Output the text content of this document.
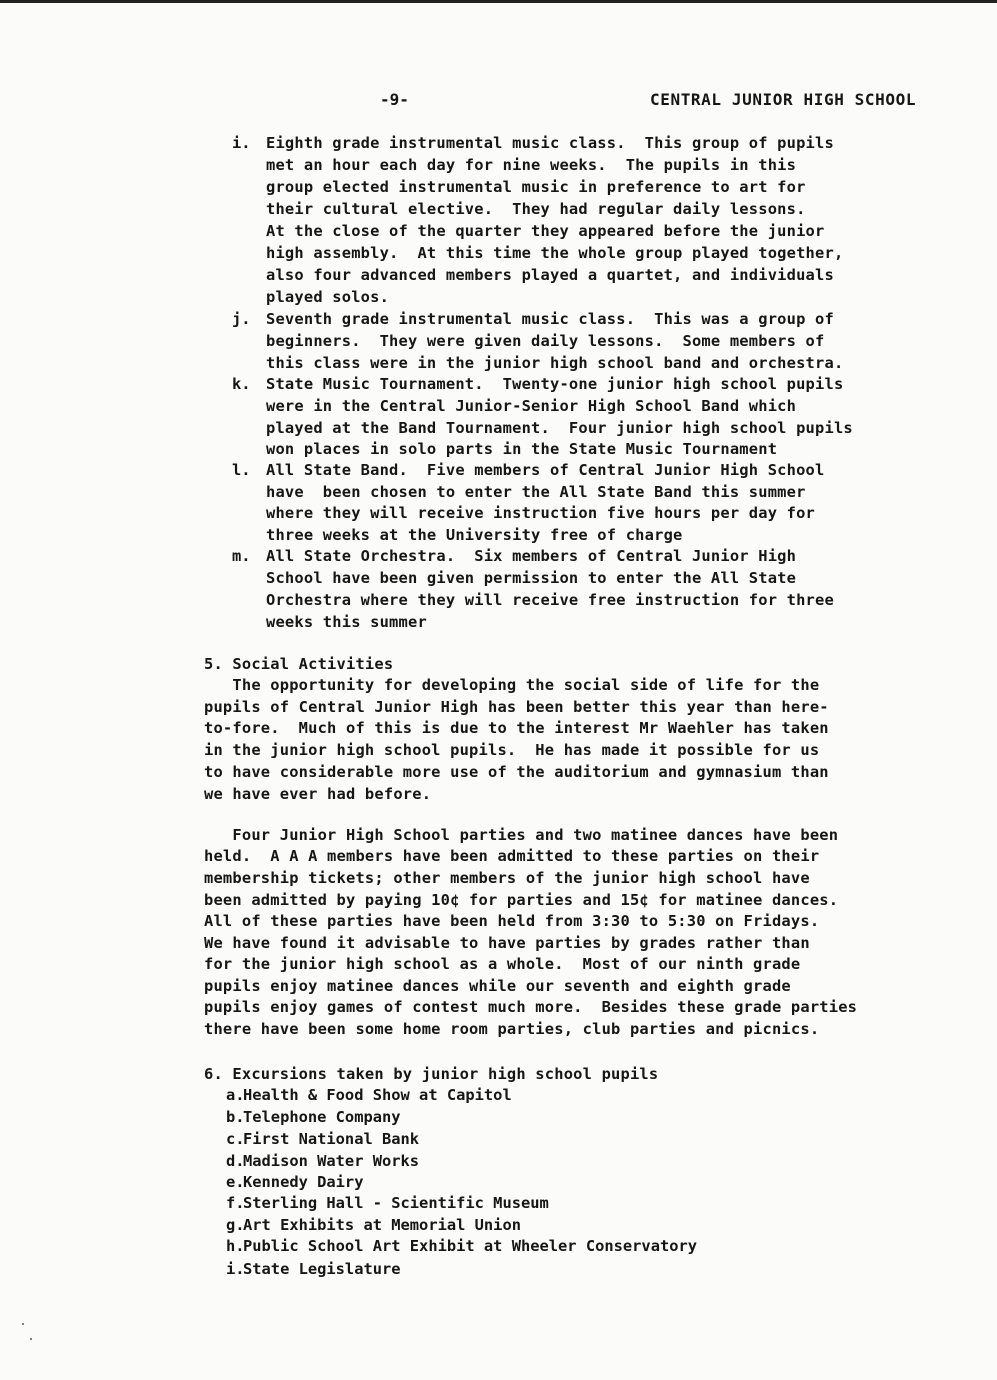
-9-	CENTRAL JUNIOR HIGH SCHOOL
i. Eighth grade instrumental music class.  This group of pupils
met an hour each day for nine weeks.  The pupils in this
group elected instrumental music in preference to art for
their cultural elective.  They had regular daily lessons.
At the close of the quarter they appeared before the junior
high assembly.  At this time the whole group played together,
also four advanced members played a quartet, and individuals
played solos.
j. Seventh grade instrumental music class.  This was a group of
beginners.  They were given daily lessons.  Some members of
this class were in the junior high school band and orchestra.
k. State Music Tournament.  Twenty-one junior high school pupils
were in the Central Junior-Senior High School Band which
played at the Band Tournament.  Four junior high school pupils
won places in solo parts in the State Music Tournament
l. All State Band.  Five members of Central Junior High School
have  been chosen to enter the All State Band this summer
where they will receive instruction five hours per day for
three weeks at the University free of charge
m. All State Orchestra.  Six members of Central Junior High
School have been given permission to enter the All State
Orchestra where they will receive free instruction for three
weeks this summer
5. Social Activities
The opportunity for developing the social side of life for the
pupils of Central Junior High has been better this year than here-
to-fore.  Much of this is due to the interest Mr Waehler has taken
in the junior high school pupils.  He has made it possible for us
to have considerable more use of the auditorium and gymnasium than
we have ever had before.
Four Junior High School parties and two matinee dances have been
held.  A A A members have been admitted to these parties on their
membership tickets; other members of the junior high school have
been admitted by paying 10¢ for parties and 15¢ for matinee dances.
All of these parties have been held from 3:30 to 5:30 on Fridays.
We have found it advisable to have parties by grades rather than
for the junior high school as a whole.  Most of our ninth grade
pupils enjoy matinee dances while our seventh and eighth grade
pupils enjoy games of contest much more.  Besides these grade parties
there have been some home room parties, club parties and picnics.
6. Excursions taken by junior high school pupils
a.Health & Food Show at Capitol
b.Telephone Company
c.First National Bank
d.Madison Water Works
e.Kennedy Dairy
f.Sterling Hall - Scientific Museum
g.Art Exhibits at Memorial Union
h.Public School Art Exhibit at Wheeler Conservatory
i.State Legislature
